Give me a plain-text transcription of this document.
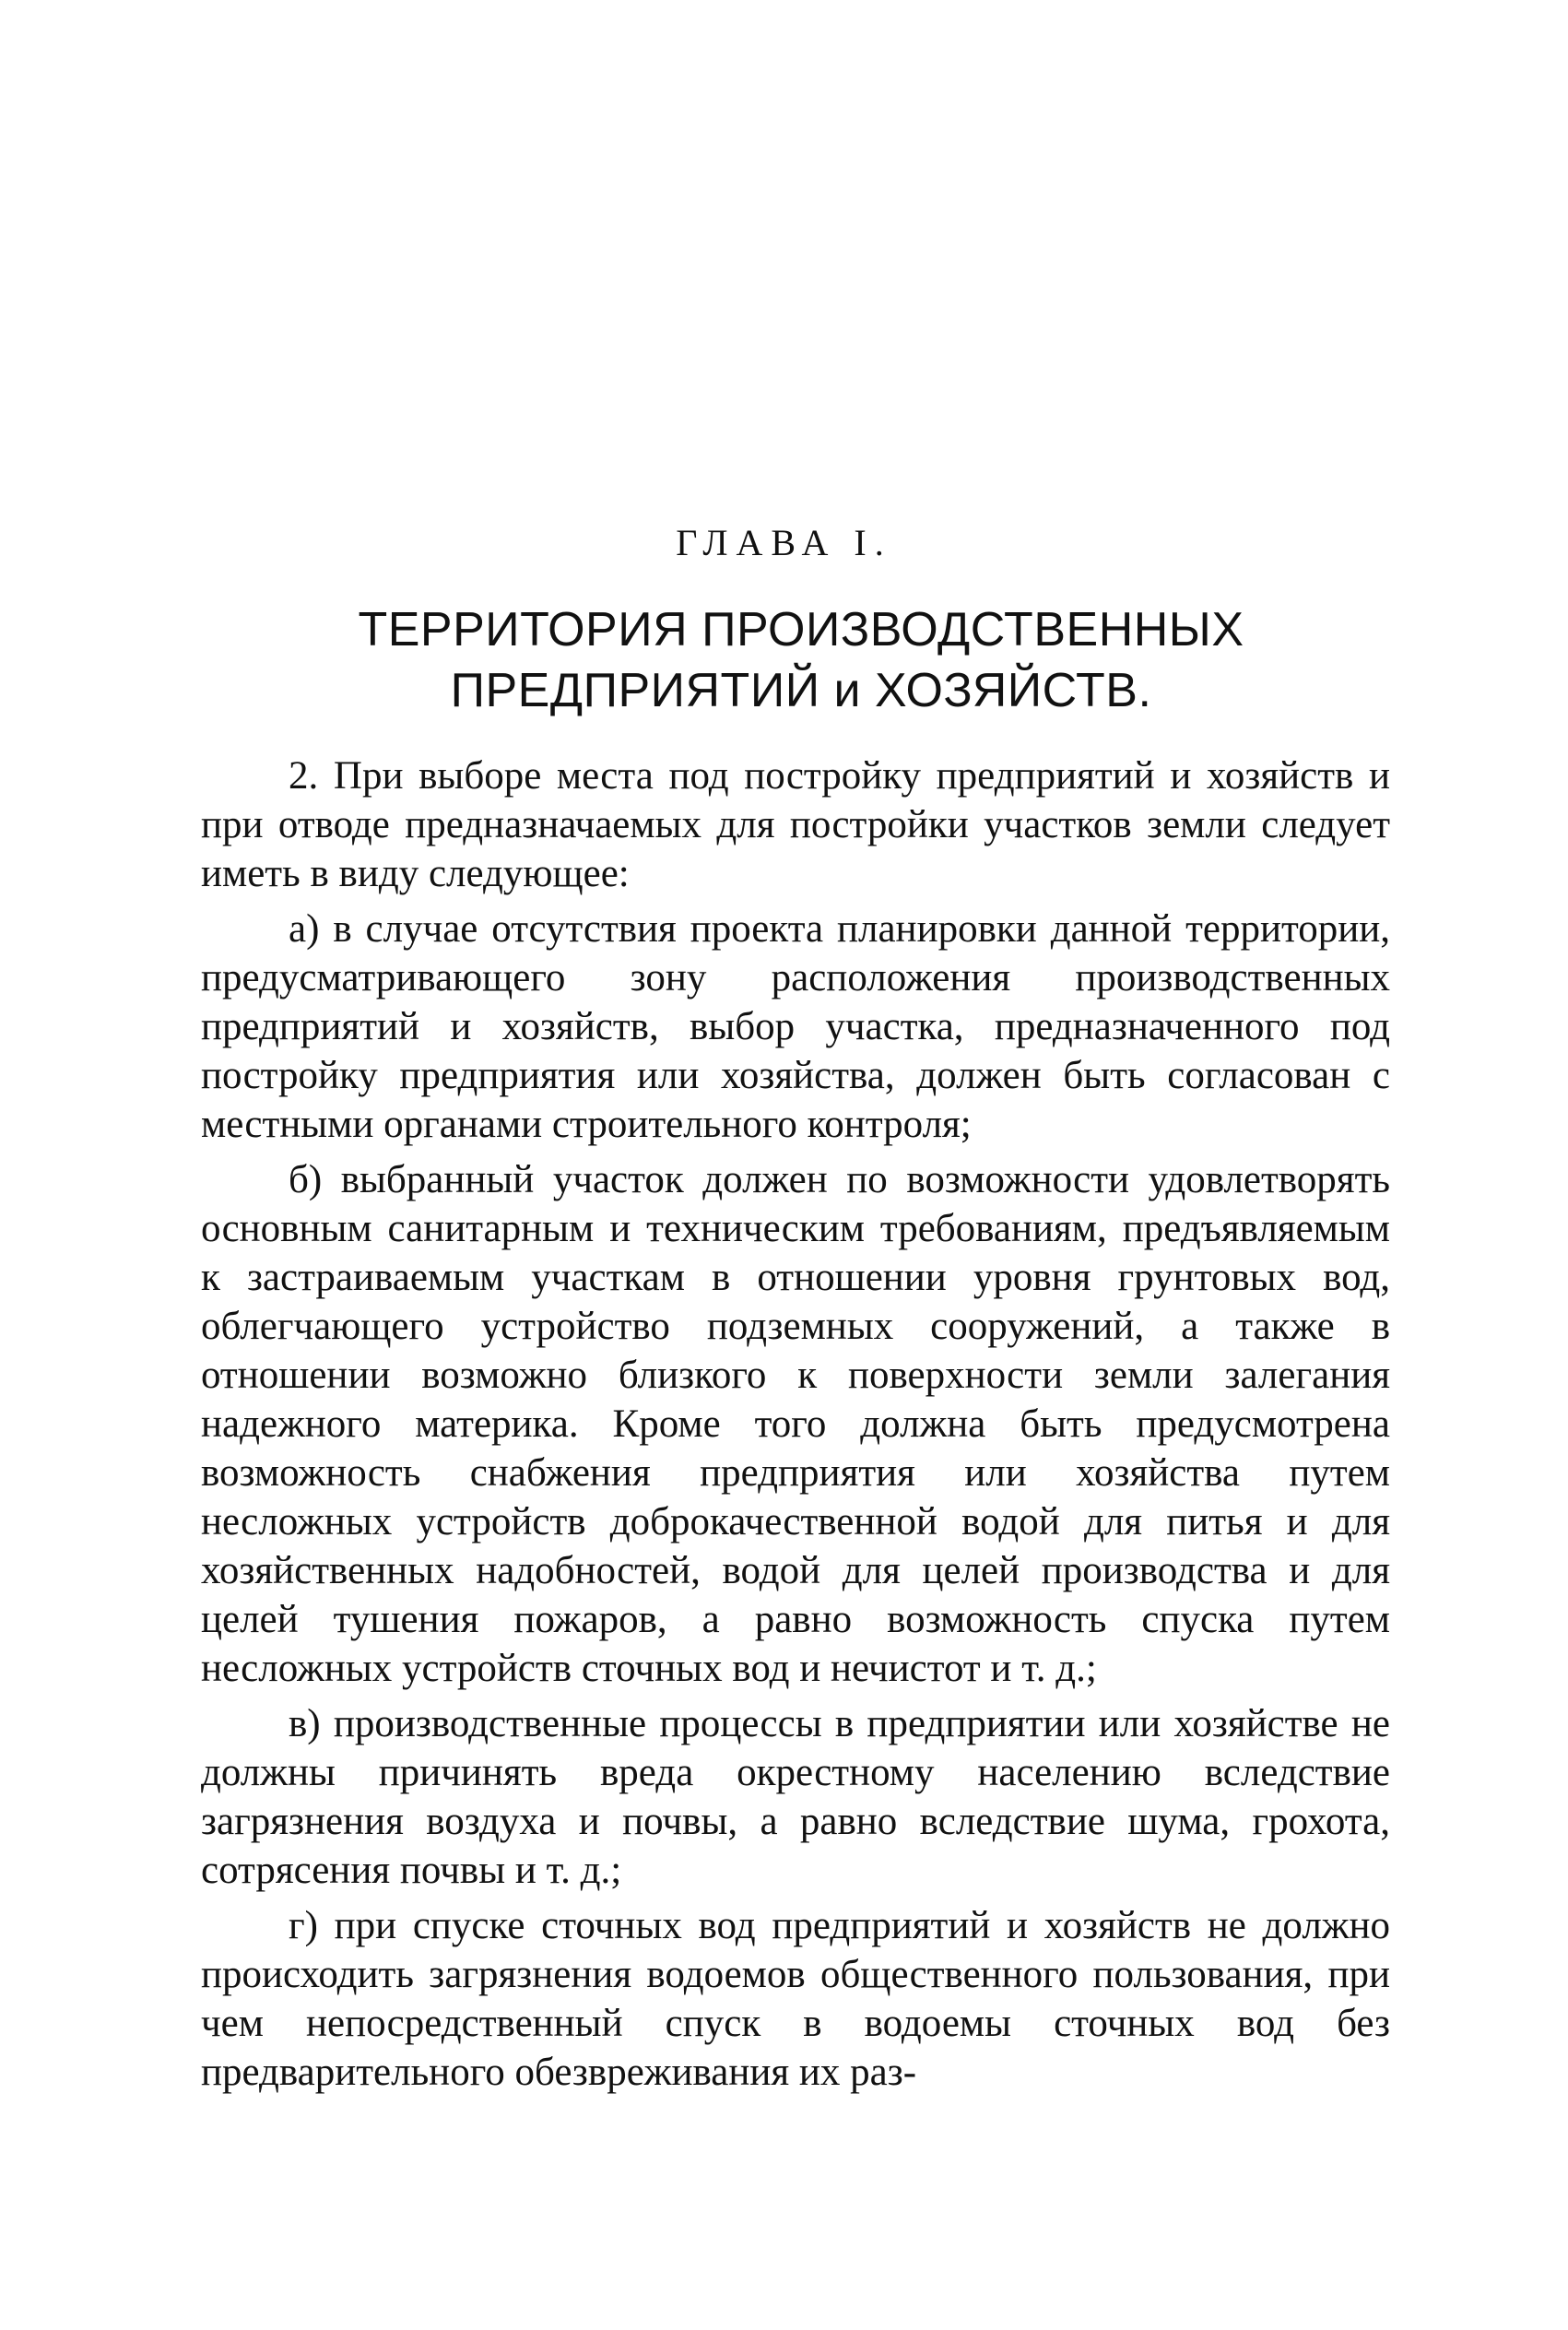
ГЛАВА I.
ТЕРРИТОРИЯ ПРОИЗВОДСТВЕННЫХ ПРЕДПРИЯТИЙ и ХОЗЯЙСТВ.

2. При выборе места под постройку предприятий и хозяйств и при отводе предназначаемых для постройки участков земли следует иметь в виду следующее:

а) в случае отсутствия проекта планировки данной территории, предусматривающего зону расположения производственных предприятий и хозяйств, выбор участка, предназначенного под постройку предприятия или хозяйства, должен быть согласован с местными органами строительного контроля;

б) выбранный участок должен по возможности удовлетворять основным санитарным и техническим требованиям, предъявляемым к застраиваемым участкам в отношении уровня грунтовых вод, облегчающего устройство подземных сооружений, а также в отношении возможно близкого к поверхности земли залегания надежного материка. Кроме того должна быть предусмотрена возможность снабжения предприятия или хозяйства путем несложных устройств доброкачественной водой для питья и для хозяйственных надобностей, водой для целей производства и для целей тушения пожаров, а равно возможность спуска путем несложных устройств сточных вод и нечистот и т. д.;

в) производственные процессы в предприятии или хозяйстве не должны причинять вреда окрестному населению вследствие загрязнения воздуха и почвы, а равно вследствие шума, грохота, сотрясения почвы и т. д.;

г) при спуске сточных вод предприятий и хозяйств не должно происходить загрязнения водоемов общественного пользования, при чем непосредственный спуск в водоемы сточных вод без предварительного обезвреживания их раз-
